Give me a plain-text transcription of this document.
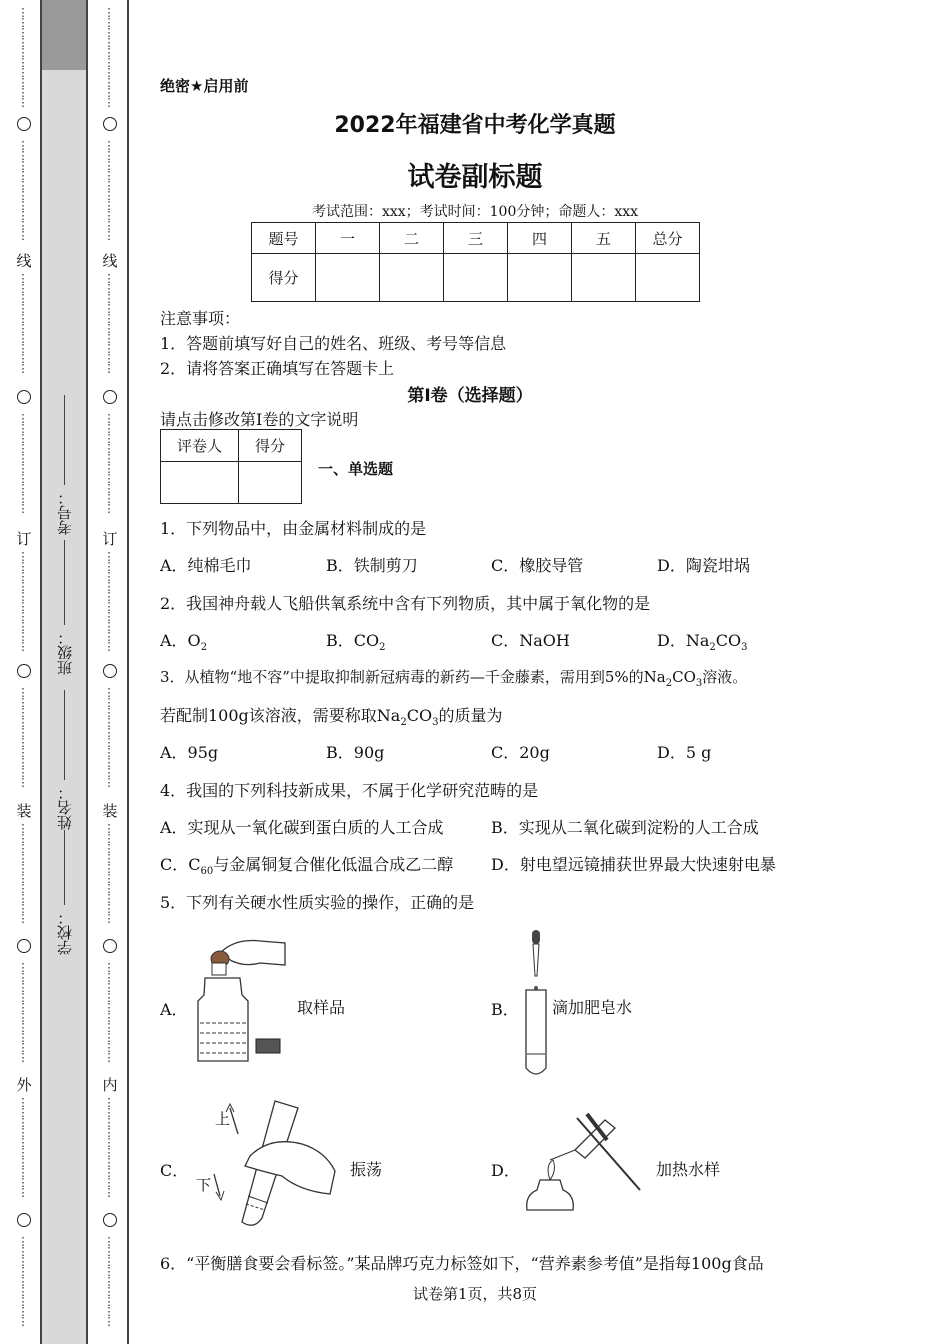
线
订
装
外
线
订
装
内
⋮
⋮
⋮
⋮
⋮
⋮
⋮
⋮
⋮
⋮
⋮
⋮
⋮
⋮
⋮
⋮
⋮
⋮
⋮
⋮
⋮
⋮
⋮
⋮
⋮
⋮
⋮
⋮
⋮
⋮
⋮
⋮
⋮
⋮
⋮
⋮
⋮
⋮
⋮
⋮
⋮
⋮
⋮
⋮
⋮
⋮
⋮
⋮
⋮
⋮
⋮
⋮
⋮
⋮
⋮
⋮
⋮
⋮
⋮
⋮
⋮
⋮
⋮
⋮
⋮
⋮
⋮
⋮
⋮
⋮
⋮
⋮
⋮
⋮
⋮
⋮
⋮
⋮
⋮
⋮
⋮
⋮
⋮
⋮
⋮
⋮
⋮
⋮
⋮
⋮
⋮
⋮
⋮
⋮
⋮
⋮
⋮
⋮
⋮
⋮
⋮
⋮
⋮
⋮
⋮
⋮
⋮
⋮
⋮
⋮
⋮
⋮
⋮
⋮
⋮
⋮
⋮
⋮
⋮
⋮
⋮
⋮
⋮
⋮
⋮
⋮
⋮
⋮
⋮
⋮
⋮
⋮
⋮
⋮
⋮
⋮
⋮
⋮
⋮
⋮
⋮
⋮
⋮
⋮
⋮
⋮
⋮
⋮
⋮
⋮
⋮
⋮
⋮
⋮
⋮
⋮
⋮
⋮
⋮
⋮
⋮
⋮
⋮
⋮
⋮
⋮
⋮
⋮
⋮
⋮
⋮
⋮
⋮
⋮
⋮
⋮
⋮
⋮
⋮
⋮
⋮
⋮
⋮
⋮
⋮
⋮
⋮
⋮
⋮
⋮
⋮
⋮
⋮
⋮
⋮
⋮
⋮
⋮
考号：
班级：
姓名：
学校：
绝密★启用前
2022年福建省中考化学真题
试卷副标题
考试范围：xxx；考试时间：100分钟；命题人：xxx
题号	一	二	三	四	五	总分
得分						
注意事项：
1．答题前填写好自己的姓名、班级、考号等信息
2．请将答案正确填写在答题卡上
第I卷（选择题）
请点击修改第I卷的文字说明
评卷人	得分

一、单选题
1．下列物品中，由金属材料制成的是
A．纯棉毛巾	B．铁制剪刀	C．橡胶导管	D．陶瓷坩埚
2．我国神舟载人飞船供氧系统中含有下列物质，其中属于氧化物的是
A．$O_2$	B．$CO_2$	C．NaOH	D．$Na_2CO_3$
3．从植物“地不容”中提取抑制新冠病毒的新药—千金藤素，需用到5%的$Na_2CO_3$溶液。
若配制100g该溶液，需要称取$Na_2CO_3$的质量为
A．95g	B．90g	C．20g	D．5 g
4．我国的下列科技新成果，不属于化学研究范畴的是
A．实现从一氧化碳到蛋白质的人工合成	B．实现从二氧化碳到淀粉的人工合成
C．$C_{60}$与金属铜复合催化低温合成乙二醇 D．射电望远镜捕获世界最大快速射电暴
5．下列有关硬水性质实验的操作，正确的是
A．	取样品	B． 滴加肥皂水
C．
上
下
振荡	D．	加热水样
6．“平衡膳食要会看标签。”某品牌巧克力标签如下，“营养素参考值”是指每100g食品
试卷第1页，共8页
